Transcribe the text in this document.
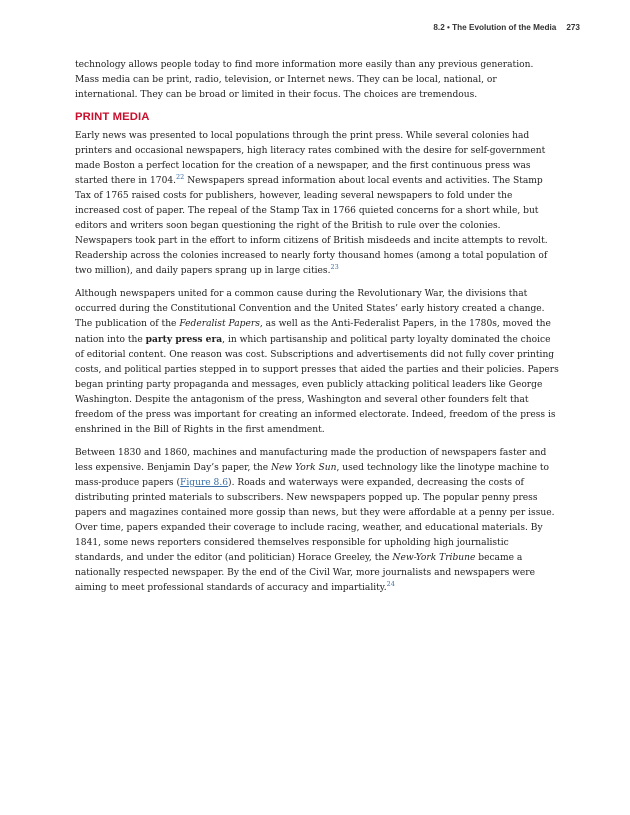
8.2 • The Evolution of the Media 273

technology allows people today to find more information more easily than any previous generation. Mass media can be print, radio, television, or Internet news. They can be local, national, or international. They can be broad or limited in their focus. The choices are tremendous.

PRINT MEDIA

Early news was presented to local populations through the print press. While several colonies had printers and occasional newspapers, high literacy rates combined with the desire for self-government made Boston a perfect location for the creation of a newspaper, and the first continuous press was started there in 1704.22 Newspapers spread information about local events and activities. The Stamp Tax of 1765 raised costs for publishers, however, leading several newspapers to fold under the increased cost of paper. The repeal of the Stamp Tax in 1766 quieted concerns for a short while, but editors and writers soon began questioning the right of the British to rule over the colonies. Newspapers took part in the effort to inform citizens of British misdeeds and incite attempts to revolt. Readership across the colonies increased to nearly forty thousand homes (among a total population of two million), and daily papers sprang up in large cities.$^{23}$

Although newspapers united for a common cause during the Revolutionary War, the divisions that occurred during the Constitutional Convention and the United States’ early history created a change. The publication of the Federalist Papers, as well as the Anti-Federalist Papers, in the 1780s, moved the nation into the party press era, in which partisanship and political party loyalty dominated the choice of editorial content. One reason was cost. Subscriptions and advertisements did not fully cover printing costs, and political parties stepped in to support presses that aided the parties and their policies. Papers began printing party propaganda and messages, even publicly attacking political leaders like George Washington. Despite the antagonism of the press, Washington and several other founders felt that freedom of the press was important for creating an informed electorate. Indeed, freedom of the press is enshrined in the Bill of Rights in the first amendment.

Between 1830 and 1860, machines and manufacturing made the production of newspapers faster and less expensive. Benjamin Day’s paper, the New York Sun, used technology like the linotype machine to mass-produce papers (Figure 8.6). Roads and waterways were expanded, decreasing the costs of distributing printed materials to subscribers. New newspapers popped up. The popular penny press papers and magazines contained more gossip than news, but they were affordable at a penny per issue. Over time, papers expanded their coverage to include racing, weather, and educational materials. By 1841, some news reporters considered themselves responsible for upholding high journalistic standards, and under the editor (and politician) Horace Greeley, the New-York Tribune became a nationally respected newspaper. By the end of the Civil War, more journalists and newspapers were aiming to meet professional standards of accuracy and impartiality.$^{24}$
